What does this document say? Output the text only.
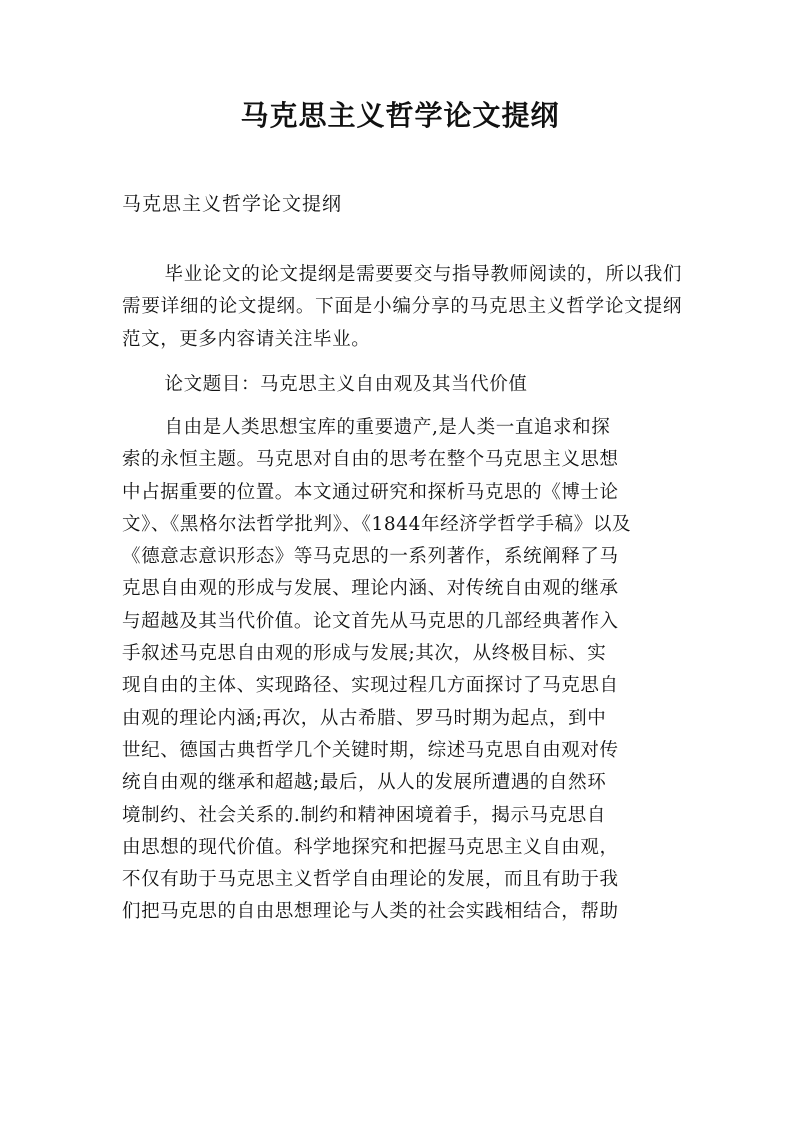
马克思主义哲学论文提纲
马克思主义哲学论文提纲
毕业论文的论文提纲是需要要交与指导教师阅读的，所以我们需要详细的论文提纲。下面是小编分享的马克思主义哲学论文提纲范文，更多内容请关注毕业。
论文题目：马克思主义自由观及其当代价值
自由是人类思想宝库的重要遗产,是人类一直追求和探
索的永恒主题。马克思对自由的思考在整个马克思主义思想
中占据重要的位置。本文通过研究和探析马克思的《博士论
文》、《黑格尔法哲学批判》、《1844年经济学哲学手稿》以及
《德意志意识形态》等马克思的一系列著作，系统阐释了马
克思自由观的形成与发展、理论内涵、对传统自由观的继承
与超越及其当代价值。论文首先从马克思的几部经典著作入
手叙述马克思自由观的形成与发展;其次，从终极目标、实
现自由的主体、实现路径、实现过程几方面探讨了马克思自
由观的理论内涵;再次，从古希腊、罗马时期为起点，到中
世纪、德国古典哲学几个关键时期，综述马克思自由观对传
统自由观的继承和超越;最后，从人的发展所遭遇的自然环
境制约、社会关系的.制约和精神困境着手，揭示马克思自
由思想的现代价值。科学地探究和把握马克思主义自由观，
不仅有助于马克思主义哲学自由理论的发展，而且有助于我
们把马克思的自由思想理论与人类的社会实践相结合，帮助
